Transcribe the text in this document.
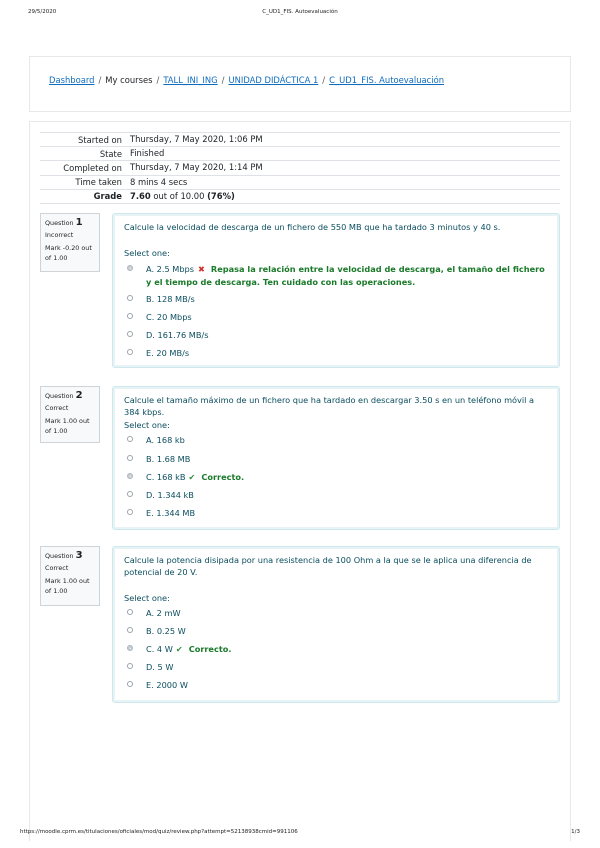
29/5/2020	C_UD1_FIS. Autoevaluación
Dashboard / My courses / TALL_INI_ING / UNIDAD DIDÁCTICA 1 / C_UD1_FIS. Autoevaluación
Started on	Thursday, 7 May 2020, 1:06 PM
State	Finished
Completed on	Thursday, 7 May 2020, 1:14 PM
Time taken	8 mins 4 secs
Grade	7.60 out of 10.00 (76%)
Question 1
Incorrect
Mark -0.20 out of 1.00
Calcule la velocidad de descarga de un fichero de 550 MB que ha tardado 3 minutos y 40 s.
Select one:
A. 2.5 Mbps ✖ Repasa la relación entre la velocidad de descarga, el tamaño del fichero y el tiempo de descarga. Ten cuidado con las operaciones.
B. 128 MB/s
C. 20 Mbps
D. 161.76 MB/s
E. 20 MB/s
Question 2
Correct
Mark 1.00 out of 1.00
Calcule el tamaño máximo de un fichero que ha tardado en descargar 3.50 s en un teléfono móvil a 384 kbps.
Select one:
A. 168 kb
B. 1.68 MB
C. 168 kB ✔ Correcto.
D. 1.344 kB
E. 1.344 MB
Question 3
Correct
Mark 1.00 out of 1.00
Calcule la potencia disipada por una resistencia de 100 Ohm a la que se le aplica una diferencia de potencial de 20 V.
Select one:
A. 2 mW
B. 0.25 W
C. 4 W ✔ Correcto.
D. 5 W
E. 2000 W
https://moodle.cprm.es/titulaciones/oficiales/mod/quiz/review.php?attempt=52138938cmid=991106	1/3
